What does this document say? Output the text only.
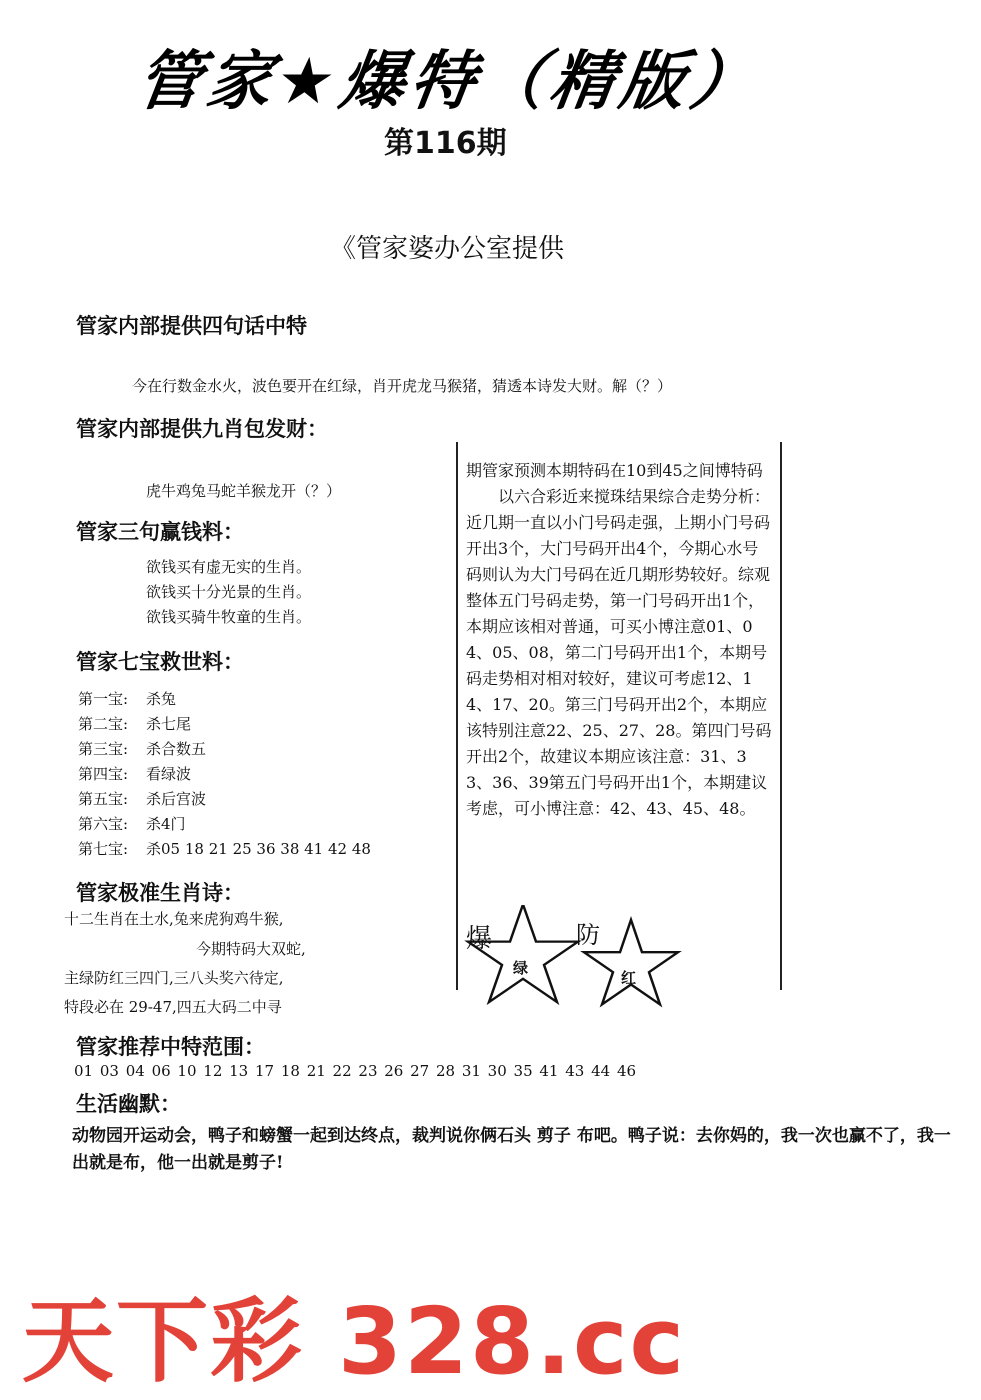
管家★爆特（精版）
第116期
《管家婆办公室提供
管家内部提供四句话中特
今在行数金水火，波色要开在红绿，肖开虎龙马猴猪，猜透本诗发大财。解（？）
管家内部提供九肖包发财：
虎牛鸡兔马蛇羊猴龙开（？）
管家三句赢钱料：
欲钱买有虚无实的生肖。
欲钱买十分光景的生肖。
欲钱买骑牛牧童的生肖。
管家七宝救世料：
第一宝: 杀兔
第二宝: 杀七尾
第三宝: 杀合数五
第四宝: 看绿波
第五宝: 杀后宫波
第六宝: 杀4门
第七宝: 杀05 18 21 25 36 38 41 42 48
管家极准生肖诗：
十二生肖在土水,兔来虎狗鸡牛猴,
今期特码大双蛇,
主绿防红三四门,三八头奖六待定,
特段必在 29-47,四五大码二中寻

期管家预测本期特码在10到45之间博特码

以六合彩近来搅珠结果综合走势分析：近几期一直以小门号码走强，上期小门号码开出3个，大门号码开出4个，今期心水号码则认为大门号码在近几期形势较好。综观整体五门号码走势，第一门号码开出1个，本期应该相对普通，可买小博注意01、04、05、08，第二门号码开出1个，本期号码走势相对相对较好，建议可考虑12、14、17、20。第三门号码开出2个，本期应该特别注意22、25、27、28。第四门号码开出2个，故建议本期应该注意：31、33、36、39第五门号码开出1个，本期建议考虑，可小博注意：42、43、45、48。

爆	防
绿
红
管家推荐中特范围：
01 03 04 06 10 12 13 17 18 21 22 23 26 27 28 31 30 35 41 43 44 46
生活幽默：
动物园开运动会，鸭子和螃蟹一起到达终点，裁判说你俩石头 剪子 布吧。鸭子说：去你妈的，我一次也赢不了，我一出就是布，他一出就是剪子!
天下彩 328.cc
